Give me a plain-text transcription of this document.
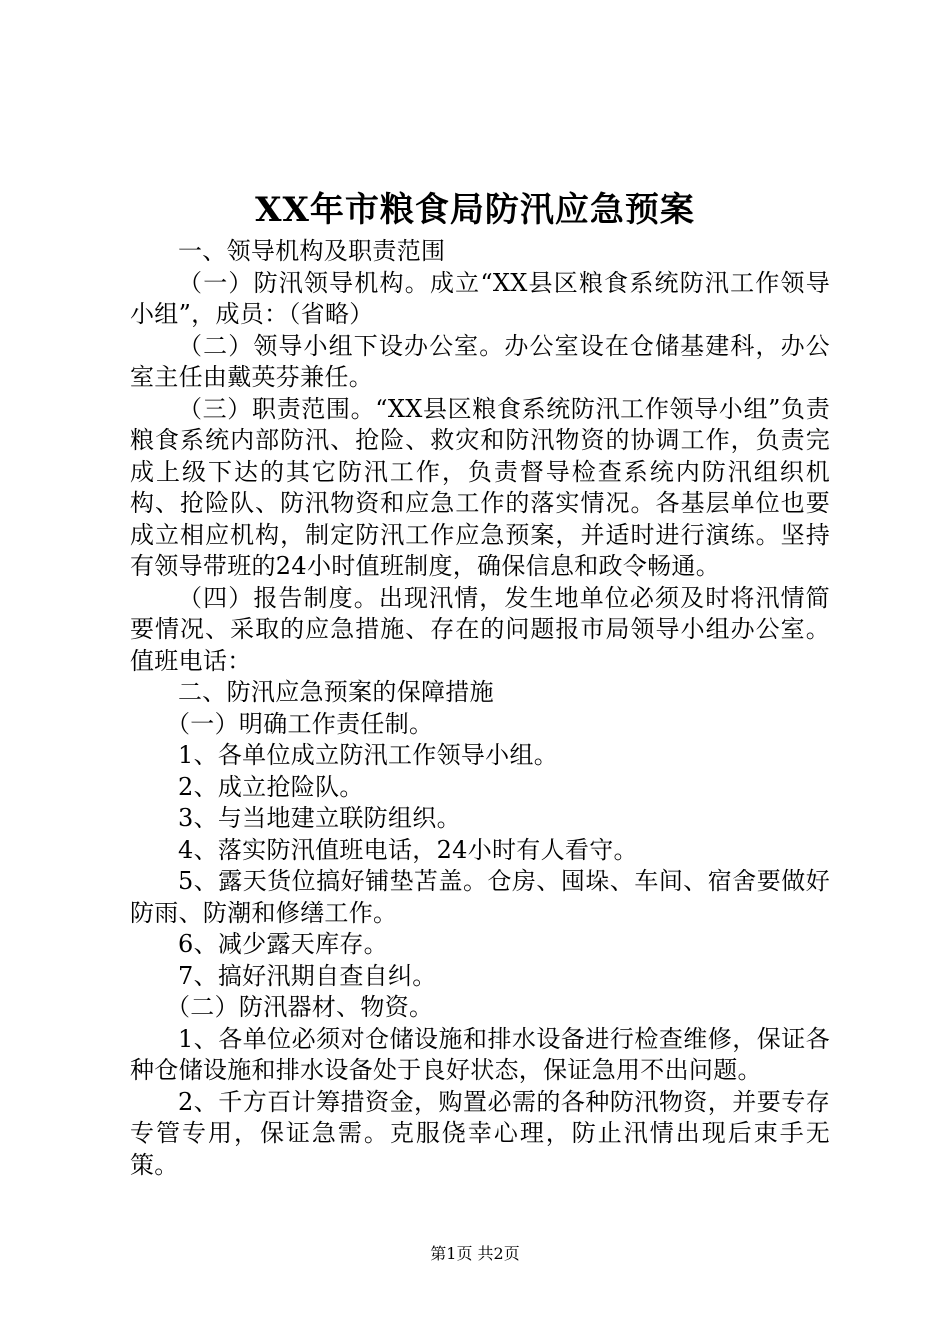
XX年市粮食局防汛应急预案

一、领导机构及职责范围

（一）防汛领导机构。成立“XX县区粮食系统防汛工作领导小组”，成员：（省略）

（二）领导小组下设办公室。办公室设在仓储基建科，办公室主任由戴英芬兼任。

（三）职责范围。“XX县区粮食系统防汛工作领导小组”负责粮食系统内部防汛、抢险、救灾和防汛物资的协调工作，负责完成上级下达的其它防汛工作，负责督导检查系统内防汛组织机构、抢险队、防汛物资和应急工作的落实情况。各基层单位也要成立相应机构，制定防汛工作应急预案，并适时进行演练。坚持有领导带班的24小时值班制度，确保信息和政令畅通。

（四）报告制度。出现汛情，发生地单位必须及时将汛情简要情况、采取的应急措施、存在的问题报市局领导小组办公室。值班电话：

二、防汛应急预案的保障措施

（一）明确工作责任制。

1、各单位成立防汛工作领导小组。

2、成立抢险队。

3、与当地建立联防组织。

4、落实防汛值班电话，24小时有人看守。

5、露天货位搞好铺垫苫盖。仓房、囤垛、车间、宿舍要做好防雨、防潮和修缮工作。

6、减少露天库存。

7、搞好汛期自查自纠。

（二）防汛器材、物资。

1、各单位必须对仓储设施和排水设备进行检查维修，保证各种仓储设施和排水设备处于良好状态，保证急用不出问题。

2、千方百计筹措资金，购置必需的各种防汛物资，并要专存专管专用，保证急需。克服侥幸心理，防止汛情出现后束手无策。

第1页 共2页
